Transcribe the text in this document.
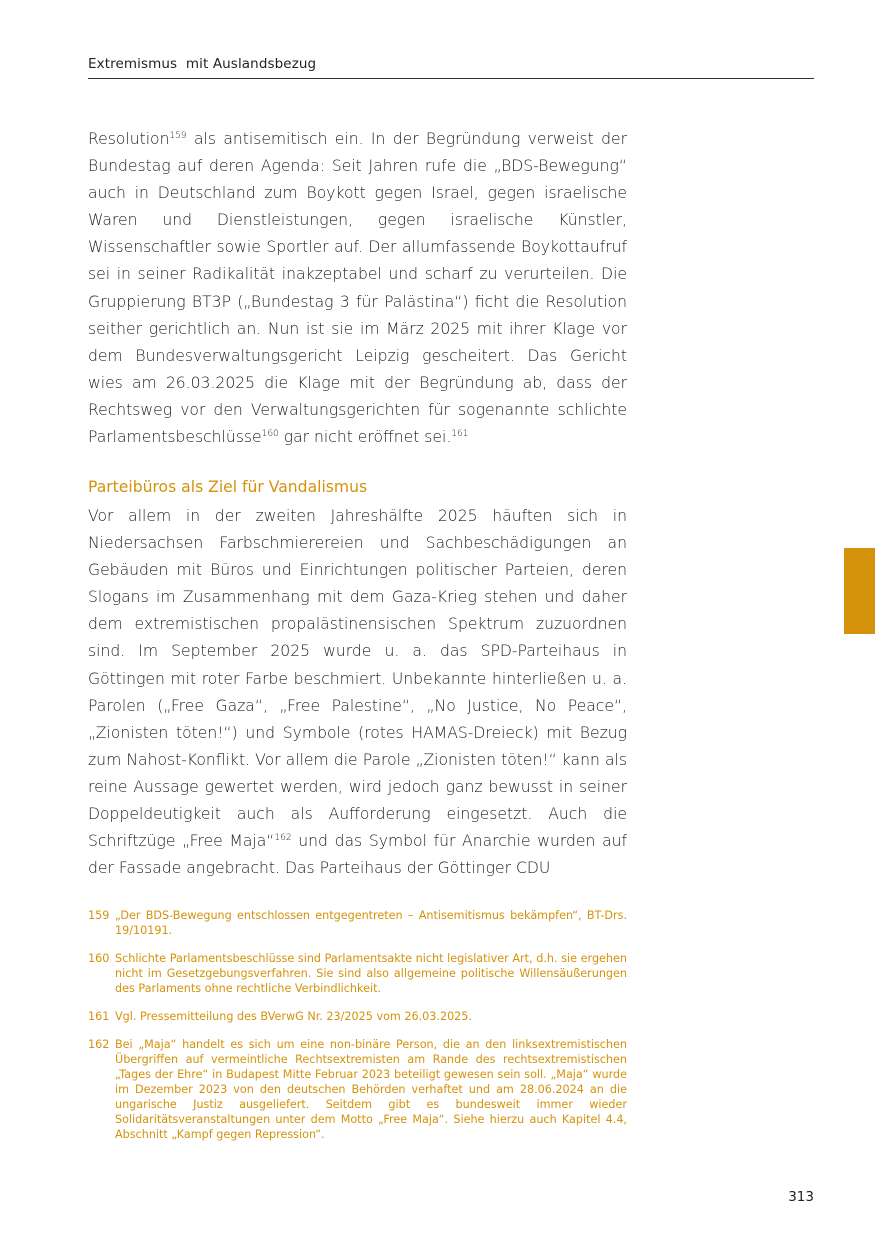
Extremismus  mit Auslandsbezug
Resolution$^{159}$ als antisemitisch ein. In der Begründung verweist der Bundestag auf deren Agenda: Seit Jahren rufe die „BDS-Bewegung“ auch in Deutschland zum Boykott gegen Israel, gegen israelische Waren und Dienstleistungen, gegen israelische Künstler, Wissenschaftler sowie Sportler auf. Der allumfassende Boykottaufruf sei in seiner Radikalität inakzeptabel und scharf zu verurteilen. Die Gruppierung BT3P („Bundestag 3 für Palästina“) ficht die Resolution seither gerichtlich an. Nun ist sie im März 2025 mit ihrer Klage vor dem Bundesverwaltungsgericht Leipzig gescheitert. Das Gericht wies am 26.03.2025 die Klage mit der Begründung ab, dass der Rechtsweg vor den Verwaltungsgerichten für sogenannte schlichte Parlamentsbeschlüsse$^{160}$ gar nicht eröffnet sei.$^{161}$
Parteibüros als Ziel für Vandalismus
Vor allem in der zweiten Jahreshälfte 2025 häuften sich in Niedersachsen Farbschmierereien und Sachbeschädigungen an Gebäuden mit Büros und Einrichtungen politischer Parteien, deren Slogans im Zusammenhang mit dem Gaza-Krieg stehen und daher dem extremistischen propalästinensischen Spektrum zuzuordnen sind. Im September 2025 wurde u. a. das SPD-Parteihaus in Göttingen mit roter Farbe beschmiert. Unbekannte hinterließen u. a. Parolen („Free Gaza“, „Free Palestine“, „No Justice, No Peace“, „Zionisten töten!“) und Symbole (rotes HAMAS-Dreieck) mit Bezug zum Nahost-Konflikt. Vor allem die Parole „Zionisten töten!“ kann als reine Aussage gewertet werden, wird jedoch ganz bewusst in seiner Doppeldeutigkeit auch als Aufforderung eingesetzt. Auch die Schriftzüge „Free Maja“$^{162}$ und das Symbol für Anarchie wurden auf der Fassade angebracht. Das Parteihaus der Göttinger CDU
159 „Der BDS-Bewegung entschlossen entgegentreten – Antisemitismus bekämpfen“, BT-Drs. 19/10191.
160 Schlichte Parlamentsbeschlüsse sind Parlamentsakte nicht legislativer Art, d.h. sie ergehen nicht im Gesetzgebungsverfahren. Sie sind also allgemeine politische Willensäußerungen des Parlaments ohne rechtliche Verbindlichkeit.
161 Vgl. Pressemitteilung des BVerwG Nr. 23/2025 vom 26.03.2025.
162 Bei „Maja“ handelt es sich um eine non-binäre Person, die an den linksextremistischen Übergriffen auf vermeintliche Rechtsextremisten am Rande des rechtsextremistischen „Tages der Ehre“ in Budapest Mitte Februar 2023 beteiligt gewesen sein soll. „Maja“ wurde im Dezember 2023 von den deutschen Behörden verhaftet und am 28.06.2024 an die ungarische Justiz ausgeliefert. Seitdem gibt es bundesweit immer wieder Solidaritätsveranstaltungen unter dem Motto „Free Maja“. Siehe hierzu auch Kapitel 4.4, Abschnitt „Kampf gegen Repression“.
313
